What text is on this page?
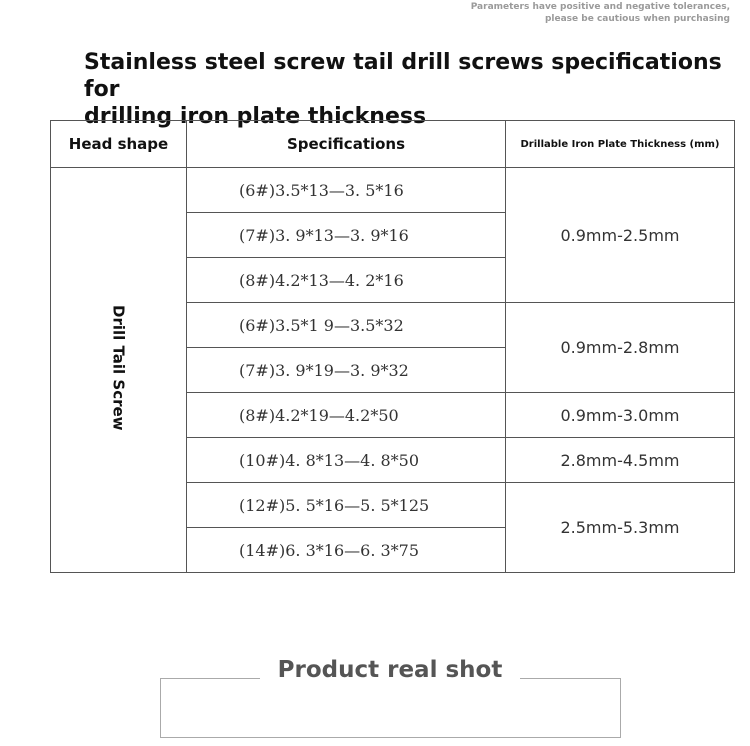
Parameters have positive and negative tolerances,
please be cautious when purchasing
Stainless steel screw tail drill screws specifications for
drilling iron plate thickness
Head shape	Specifications	Drillable Iron Plate Thickness (mm)
Drill Tail Screw	(6#)3.5*13—3. 5*16	0.9mm-2.5mm
	(7#)3. 9*13—3. 9*16	
	(8#)4.2*13—4. 2*16	
	(6#)3.5*1 9—3.5*32	0.9mm-2.8mm
	(7#)3. 9*19—3. 9*32	
	(8#)4.2*19—4.2*50	0.9mm-3.0mm
	(10#)4. 8*13—4. 8*50	2.8mm-4.5mm
	(12#)5. 5*16—5. 5*125	2.5mm-5.3mm
	(14#)6. 3*16—6. 3*75	
Product real shot
